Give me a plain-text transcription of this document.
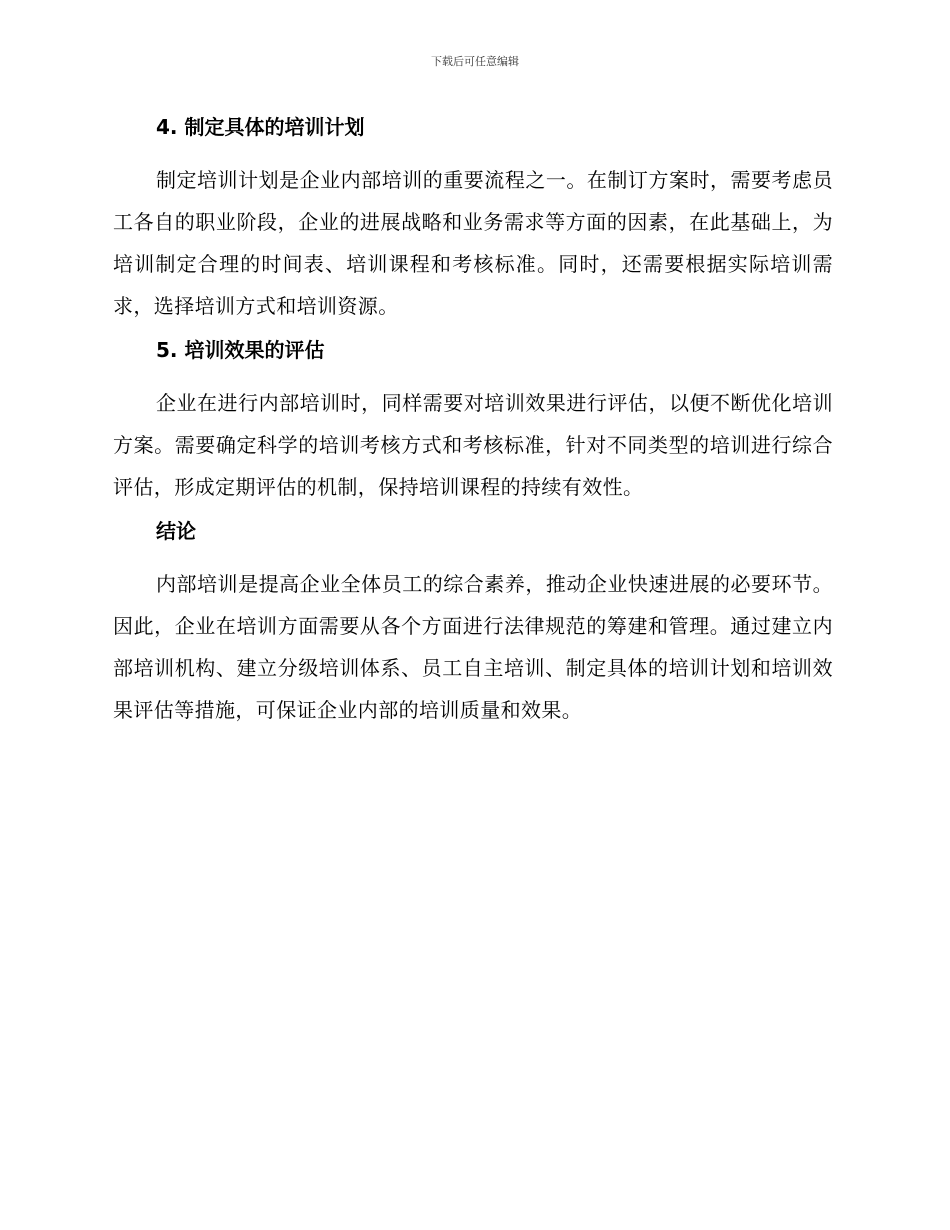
下载后可任意编辑
4. 制定具体的培训计划

制定培训计划是企业内部培训的重要流程之一。在制订方案时，需要考虑员工各自的职业阶段，企业的进展战略和业务需求等方面的因素，在此基础上，为培训制定合理的时间表、培训课程和考核标准。同时，还需要根据实际培训需求，选择培训方式和培训资源。

5. 培训效果的评估

企业在进行内部培训时，同样需要对培训效果进行评估，以便不断优化培训方案。需要确定科学的培训考核方式和考核标准，针对不同类型的培训进行综合评估，形成定期评估的机制，保持培训课程的持续有效性。

结论

内部培训是提高企业全体员工的综合素养，推动企业快速进展的必要环节。因此，企业在培训方面需要从各个方面进行法律规范的筹建和管理。通过建立内部培训机构、建立分级培训体系、员工自主培训、制定具体的培训计划和培训效果评估等措施，可保证企业内部的培训质量和效果。
